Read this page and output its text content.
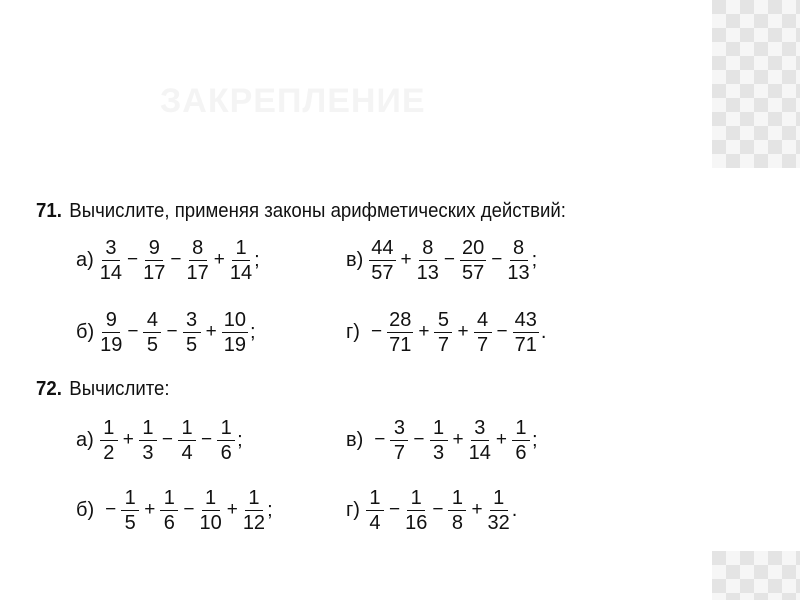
ЗАКРЕПЛЕНИЕ
71. Вычислите, применяя законы арифметических действий:
72. Вычислите:
$а) \frac{3}{14} - \frac{9}{17} - \frac{8}{17} + \frac{1}{14}$ ;	$в) \frac{44}{57} + \frac{8}{13} - \frac{20}{57} - \frac{8}{13}$ ;
$б) \frac{9}{19} - \frac{4}{5} - \frac{3}{5} + \frac{10}{19}$ ;	$г) - \frac{28}{71} + \frac{5}{7} + \frac{4}{7} - \frac{43}{71}$ .
$а) \frac{1}{2} + \frac{1}{3} - \frac{1}{4} - \frac{1}{6}$ ;	$в) - \frac{3}{7} - \frac{1}{3} + \frac{3}{14} + \frac{1}{6}$ ;
$б) - \frac{1}{5} + \frac{1}{6} - \frac{1}{10} + \frac{1}{12}$ ;	$г) \frac{1}{4} - \frac{1}{16} - \frac{1}{8} + \frac{1}{32}$ .
